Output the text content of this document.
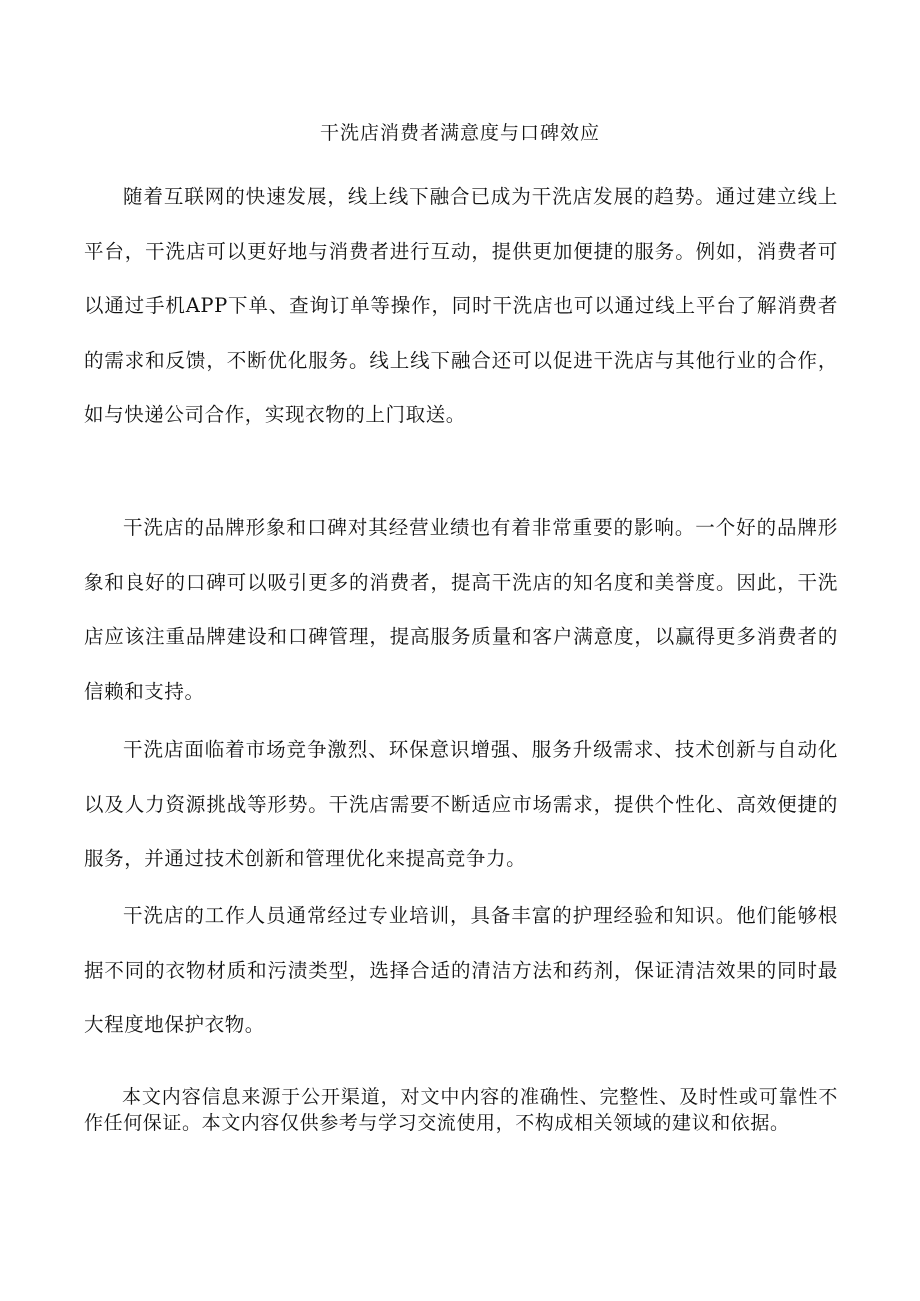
干洗店消费者满意度与口碑效应

随着互联网的快速发展，线上线下融合已成为干洗店发展的趋势。通过建立线上平台，干洗店可以更好地与消费者进行互动，提供更加便捷的服务。例如，消费者可以通过手机APP下单、查询订单等操作，同时干洗店也可以通过线上平台了解消费者的需求和反馈，不断优化服务。线上线下融合还可以促进干洗店与其他行业的合作，如与快递公司合作，实现衣物的上门取送。

干洗店的品牌形象和口碑对其经营业绩也有着非常重要的影响。一个好的品牌形象和良好的口碑可以吸引更多的消费者，提高干洗店的知名度和美誉度。因此，干洗店应该注重品牌建设和口碑管理，提高服务质量和客户满意度，以赢得更多消费者的信赖和支持。

干洗店面临着市场竞争激烈、环保意识增强、服务升级需求、技术创新与自动化以及人力资源挑战等形势。干洗店需要不断适应市场需求，提供个性化、高效便捷的服务，并通过技术创新和管理优化来提高竞争力。

干洗店的工作人员通常经过专业培训，具备丰富的护理经验和知识。他们能够根据不同的衣物材质和污渍类型，选择合适的清洁方法和药剂，保证清洁效果的同时最大程度地保护衣物。

本文内容信息来源于公开渠道，对文中内容的准确性、完整性、及时性或可靠性不作任何保证。本文内容仅供参考与学习交流使用，不构成相关领域的建议和依据。
